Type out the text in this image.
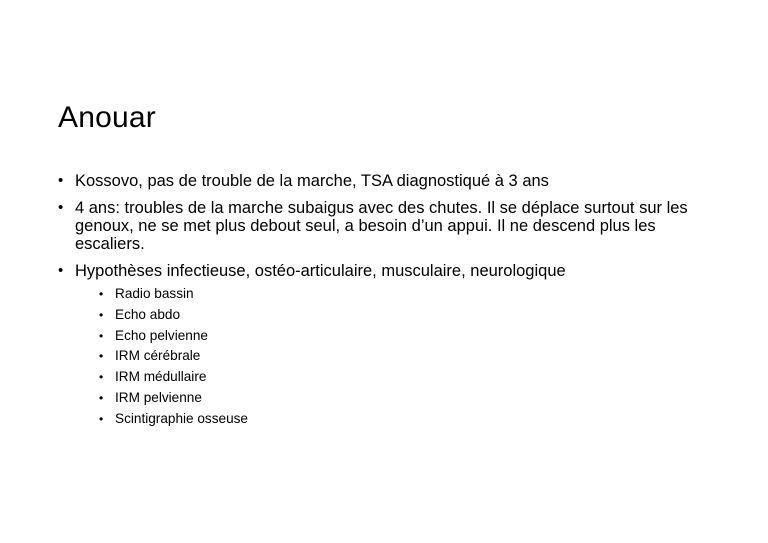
Anouar
• Kossovo, pas de trouble de la marche, TSA diagnostiqué à 3 ans
• 4 ans: troubles de la marche subaigus avec des chutes. Il se déplace surtout sur les genoux, ne se met plus debout seul, a besoin d’un appui. Il ne descend plus les escaliers.
• Hypothèses infectieuse, ostéo-articulaire, musculaire, neurologique
• Radio bassin
• Echo abdo
• Echo pelvienne
• IRM cérébrale
• IRM médullaire
• IRM pelvienne
• Scintigraphie osseuse
